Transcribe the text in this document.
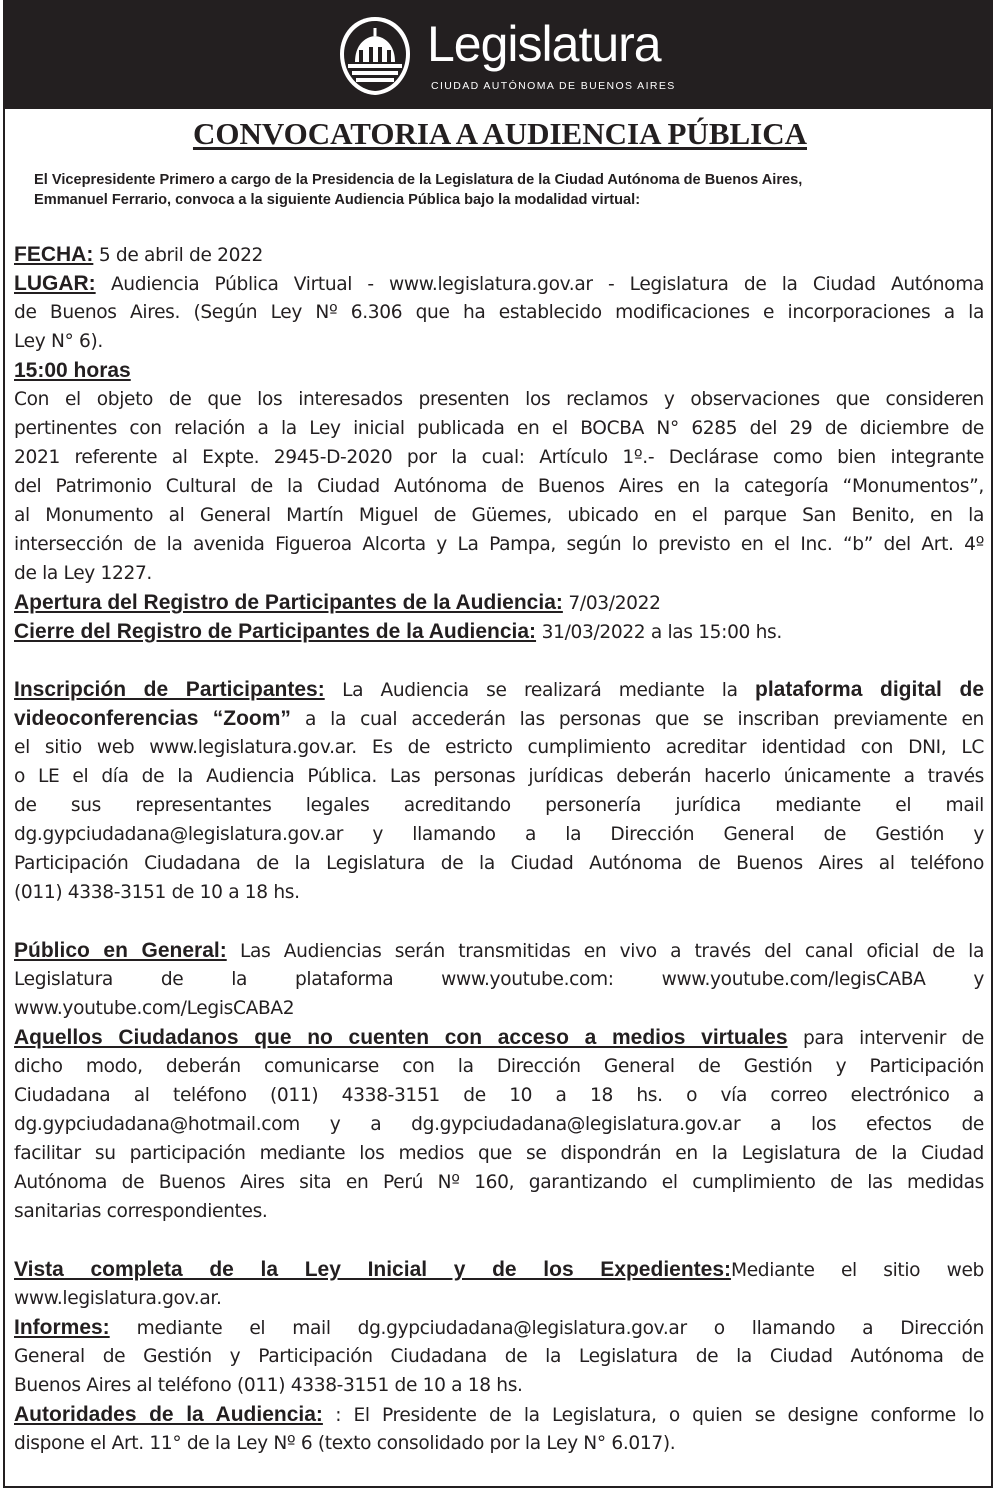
Legislatura
CIUDAD AUTÓNOMA DE BUENOS AIRES
CONVOCATORIA A AUDIENCIA PÚBLICA
El Vicepresidente Primero a cargo de la Presidencia de la Legislatura de la Ciudad Autónoma de Buenos Aires,
Emmanuel Ferrario, convoca a la siguiente Audiencia Pública bajo la modalidad virtual:
FECHA: 5 de abril de 2022
LUGAR: Audiencia Pública Virtual - www.legislatura.gov.ar - Legislatura de la Ciudad Autónoma
de Buenos Aires. (Según Ley Nº 6.306 que ha establecido modificaciones e incorporaciones a la
Ley N° 6).
15:00 horas
Con el objeto de que los interesados presenten los reclamos y observaciones que consideren
pertinentes con relación a la Ley inicial publicada en el BOCBA N° 6285 del 29 de diciembre de
2021 referente al Expte. 2945-D-2020 por la cual: Artículo 1º.- Declárase como bien integrante
del Patrimonio Cultural de la Ciudad Autónoma de Buenos Aires en la categoría “Monumentos”,
al Monumento al General Martín Miguel de Güemes, ubicado en el parque San Benito, en la
intersección de la avenida Figueroa Alcorta y La Pampa, según lo previsto en el Inc. “b” del Art. 4º
de la Ley 1227.
Apertura del Registro de Participantes de la Audiencia: 7/03/2022
Cierre del Registro de Participantes de la Audiencia: 31/03/2022 a las 15:00 hs.
Inscripción de Participantes: La Audiencia se realizará mediante la plataforma digital de
videoconferencias “Zoom” a la cual accederán las personas que se inscriban previamente en
el sitio web www.legislatura.gov.ar. Es de estricto cumplimiento acreditar identidad con DNI, LC
o LE el día de la Audiencia Pública. Las personas jurídicas deberán hacerlo únicamente a través
de sus representantes legales acreditando personería jurídica mediante el mail
dg.gypciudadana@legislatura.gov.ar y llamando a la Dirección General de Gestión y
Participación Ciudadana de la Legislatura de la Ciudad Autónoma de Buenos Aires al teléfono
(011) 4338-3151 de 10 a 18 hs.
Público en General: Las Audiencias serán transmitidas en vivo a través del canal oficial de la
Legislatura de la plataforma www.youtube.com: www.youtube.com/legisCABA y
www.youtube.com/LegisCABA2
Aquellos Ciudadanos que no cuenten con acceso a medios virtuales para intervenir de
dicho modo, deberán comunicarse con la Dirección General de Gestión y Participación
Ciudadana al teléfono (011) 4338-3151 de 10 a 18 hs. o vía correo electrónico a
dg.gypciudadana@hotmail.com y a dg.gypciudadana@legislatura.gov.ar a los efectos de
facilitar su participación mediante los medios que se dispondrán en la Legislatura de la Ciudad
Autónoma de Buenos Aires sita en Perú Nº 160, garantizando el cumplimiento de las medidas
sanitarias correspondientes.
Vista completa de la Ley Inicial y de los Expedientes:Mediante el sitio web
www.legislatura.gov.ar.
Informes: mediante el mail dg.gypciudadana@legislatura.gov.ar o llamando a Dirección
General de Gestión y Participación Ciudadana de la Legislatura de la Ciudad Autónoma de
Buenos Aires al teléfono (011) 4338-3151 de 10 a 18 hs.
Autoridades de la Audiencia: : El Presidente de la Legislatura, o quien se designe conforme lo
dispone el Art. 11° de la Ley Nº 6 (texto consolidado por la Ley N° 6.017).
